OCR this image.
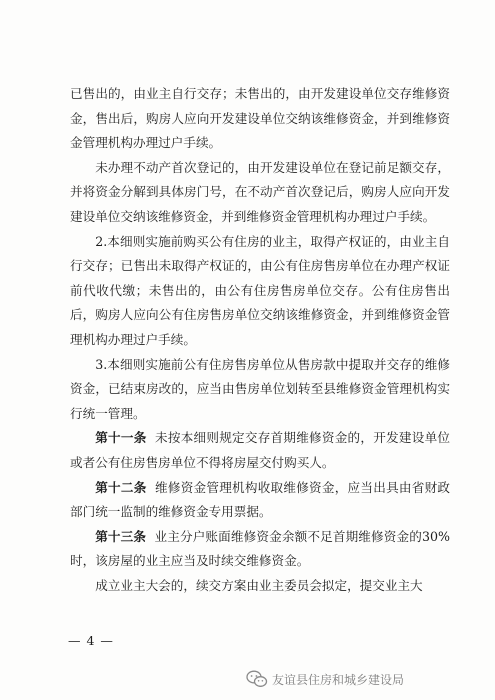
已售出的，由业主自行交存；未售出的，由开发建设单位交存维修资金，售出后，购房人应向开发建设单位交纳该维修资金，并到维修资金管理机构办理过户手续。

未办理不动产首次登记的，由开发建设单位在登记前足额交存，并将资金分解到具体房门号，在不动产首次登记后，购房人应向开发建设单位交纳该维修资金，并到维修资金管理机构办理过户手续。

2.本细则实施前购买公有住房的业主，取得产权证的，由业主自行交存；已售出未取得产权证的，由公有住房售房单位在办理产权证前代收代缴；未售出的，由公有住房售房单位交存。公有住房售出后，购房人应向公有住房售房单位交纳该维修资金，并到维修资金管理机构办理过户手续。

3.本细则实施前公有住房售房单位从售房款中提取并交存的维修资金，已结束房改的，应当由售房单位划转至县维修资金管理机构实行统一管理。

第十一条 未按本细则规定交存首期维修资金的，开发建设单位或者公有住房售房单位不得将房屋交付购买人。

第十二条 维修资金管理机构收取维修资金，应当出具由省财政部门统一监制的维修资金专用票据。

第十三条 业主分户账面维修资金余额不足首期维修资金的30%时，该房屋的业主应当及时续交维修资金。

成立业主大会的，续交方案由业主委员会拟定，提交业主大

— 4 —
友谊县住房和城乡建设局
